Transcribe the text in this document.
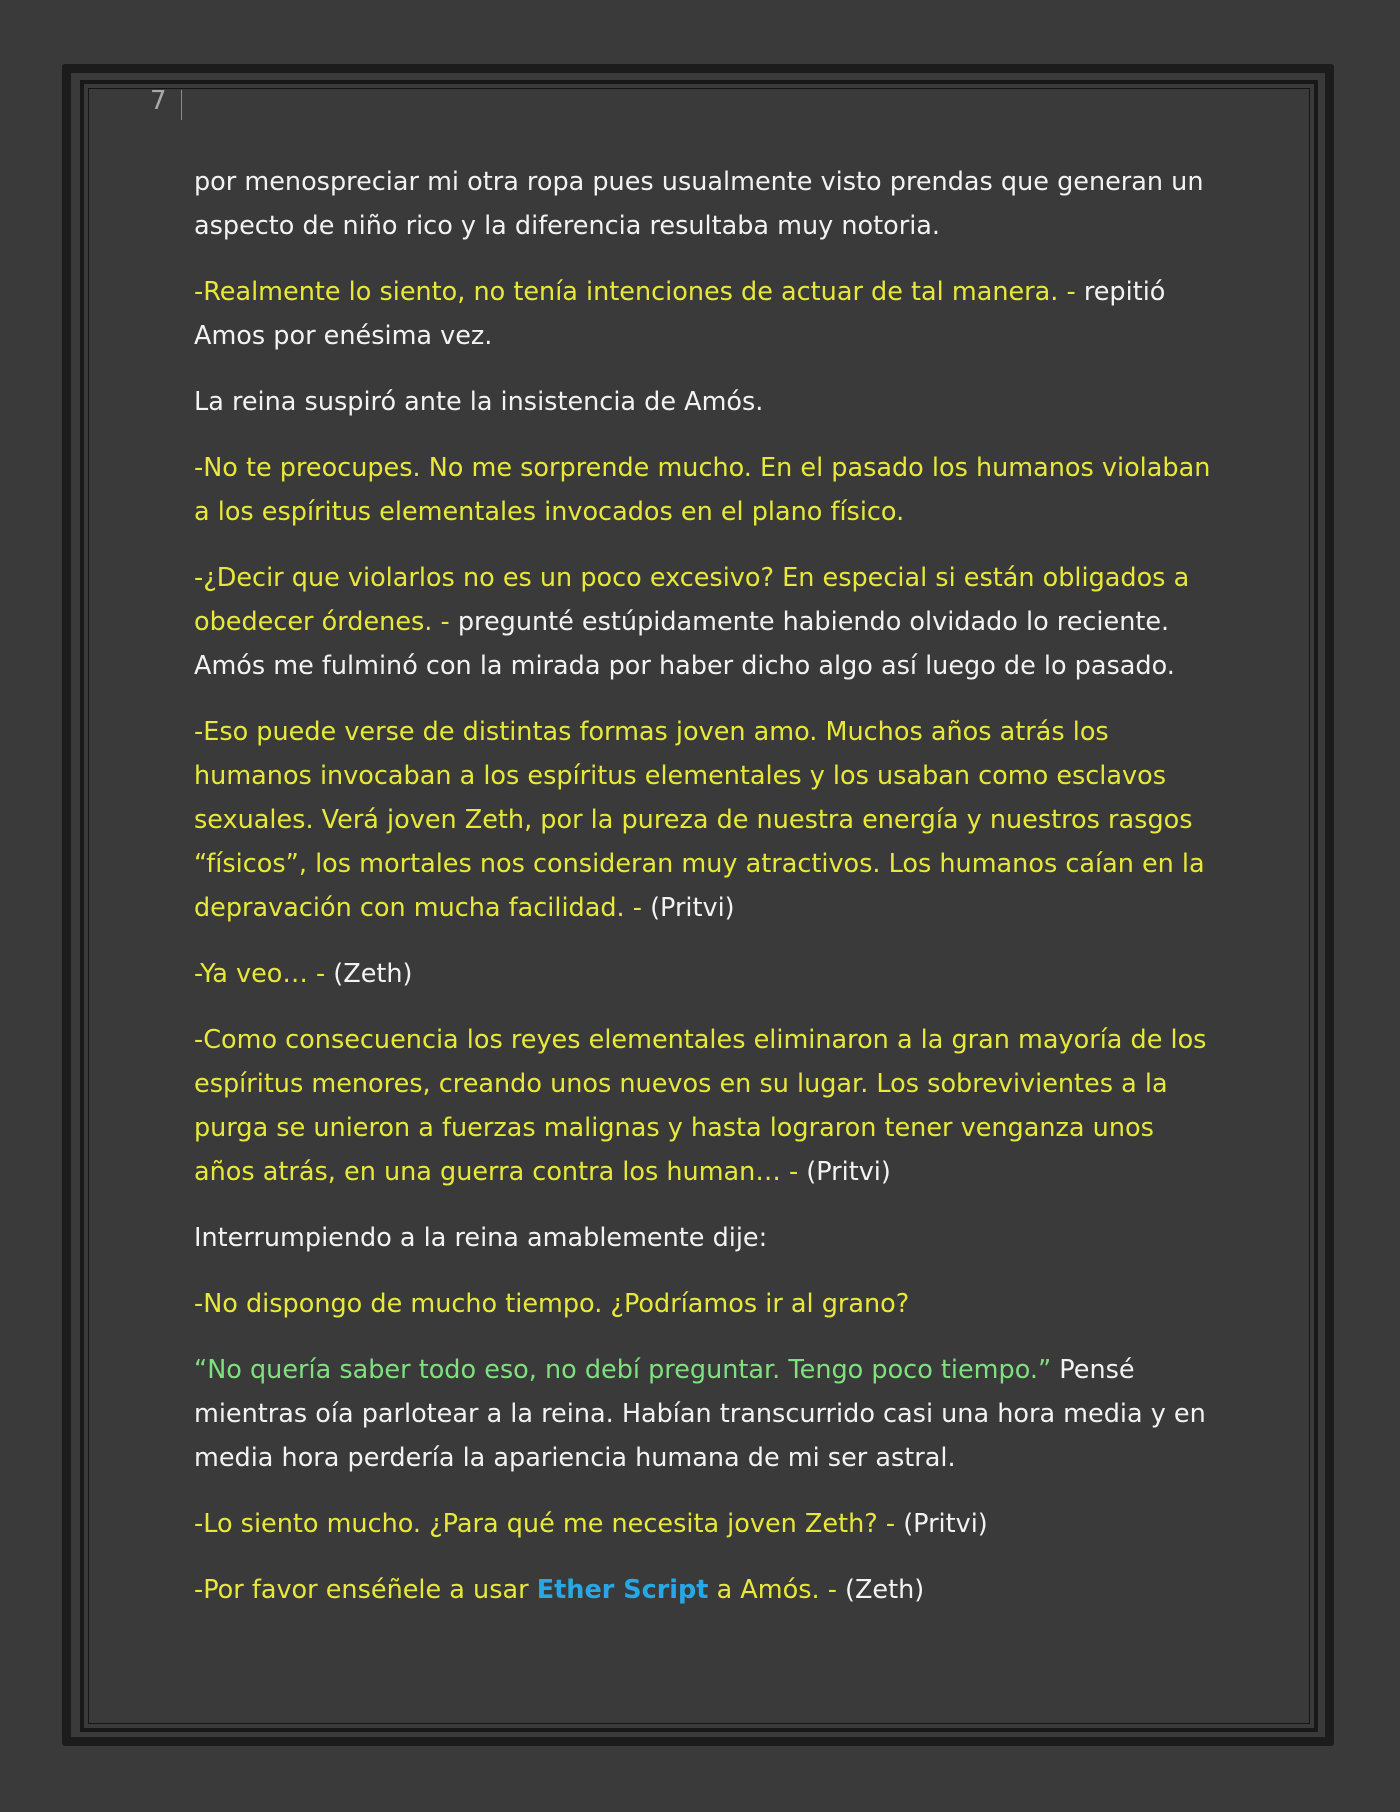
7

por menospreciar mi otra ropa pues usualmente visto prendas que generan un aspecto de niño rico y la diferencia resultaba muy notoria.

-Realmente lo siento, no tenía intenciones de actuar de tal manera. - repitió Amos por enésima vez.

La reina suspiró ante la insistencia de Amós.

-No te preocupes. No me sorprende mucho. En el pasado los humanos violaban a los espíritus elementales invocados en el plano físico.

-¿Decir que violarlos no es un poco excesivo? En especial si están obligados a obedecer órdenes. - pregunté estúpidamente habiendo olvidado lo reciente. Amós me fulminó con la mirada por haber dicho algo así luego de lo pasado.

-Eso puede verse de distintas formas joven amo. Muchos años atrás los humanos invocaban a los espíritus elementales y los usaban como esclavos sexuales. Verá joven Zeth, por la pureza de nuestra energía y nuestros rasgos “físicos”, los mortales nos consideran muy atractivos. Los humanos caían en la depravación con mucha facilidad. - (Pritvi)

-Ya veo… - (Zeth)

-Como consecuencia los reyes elementales eliminaron a la gran mayoría de los espíritus menores, creando unos nuevos en su lugar. Los sobrevivientes a la purga se unieron a fuerzas malignas y hasta lograron tener venganza unos años atrás, en una guerra contra los human… - (Pritvi)

Interrumpiendo a la reina amablemente dije:

-No dispongo de mucho tiempo. ¿Podríamos ir al grano?

“No quería saber todo eso, no debí preguntar. Tengo poco tiempo.” Pensé mientras oía parlotear a la reina. Habían transcurrido casi una hora media y en media hora perdería la apariencia humana de mi ser astral.

-Lo siento mucho. ¿Para qué me necesita joven Zeth? - (Pritvi)

-Por favor enséñele a usar Ether Script a Amós. - (Zeth)
